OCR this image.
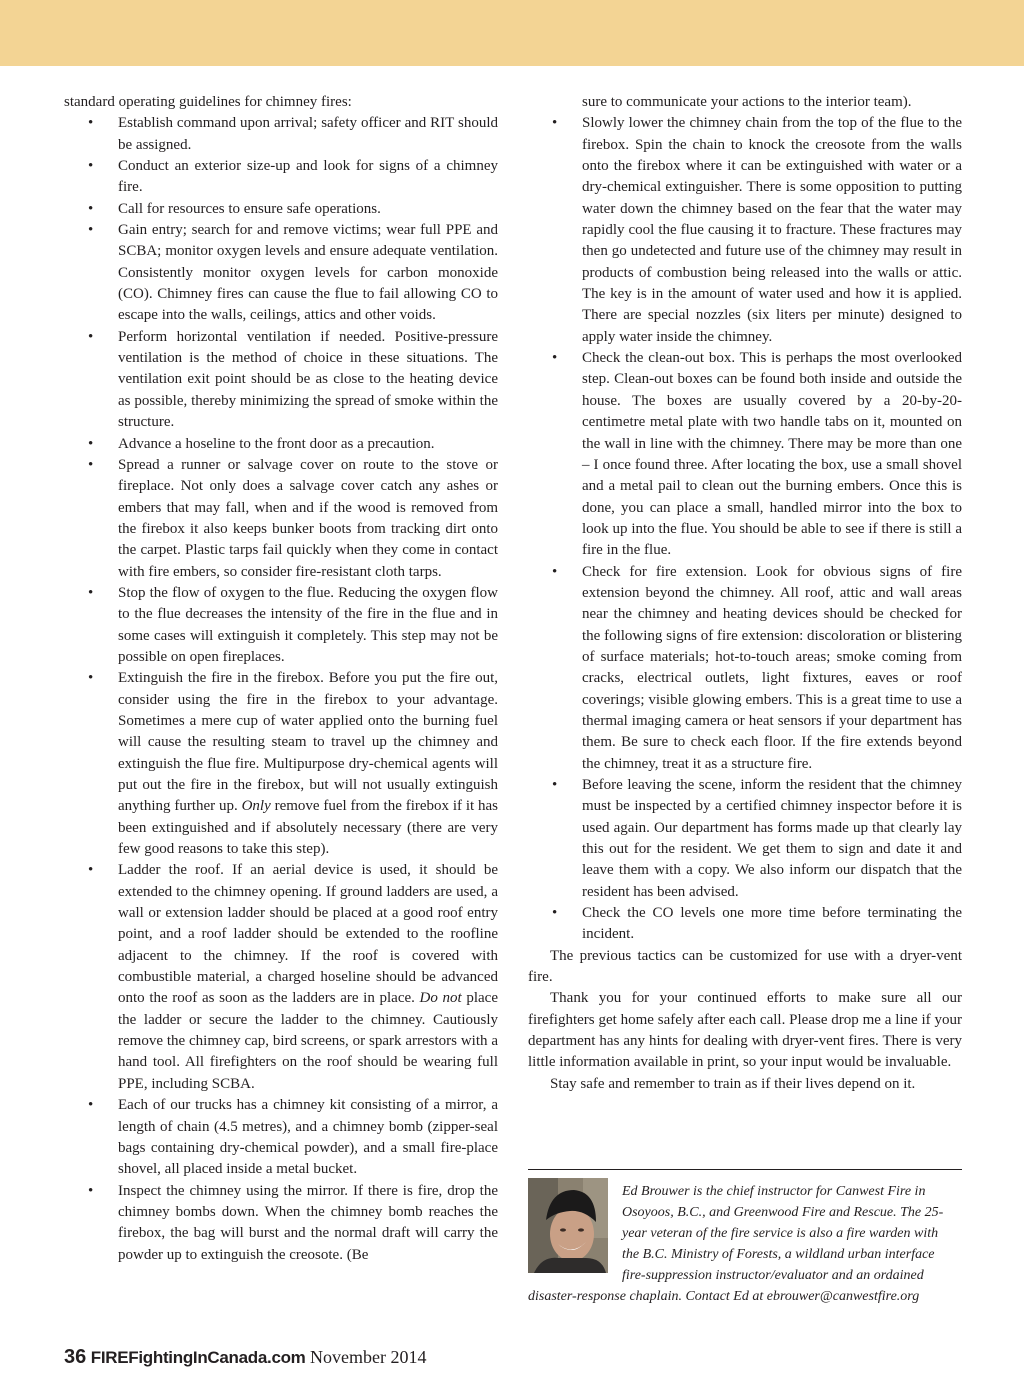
standard operating guidelines for chimney fires:

• Establish command upon arrival; safety officer and RIT should be assigned.
• Conduct an exterior size-up and look for signs of a chimney fire.
• Call for resources to ensure safe operations.
• Gain entry; search for and remove victims; wear full PPE and SCBA; monitor oxygen levels and ensure adequate ventilation. Consistently monitor oxygen levels for carbon monoxide (CO). Chimney fires can cause the flue to fail allowing CO to escape into the walls, ceilings, attics and other voids.
• Perform horizontal ventilation if needed. Positive-pressure ventilation is the method of choice in these situations. The ventilation exit point should be as close to the heating device as possible, thereby minimizing the spread of smoke within the structure.
• Advance a hoseline to the front door as a precaution.
• Spread a runner or salvage cover on route to the stove or fireplace. Not only does a salvage cover catch any ashes or embers that may fall, when and if the wood is removed from the firebox it also keeps bunker boots from tracking dirt onto the carpet. Plastic tarps fail quickly when they come in contact with fire embers, so consider fire-resistant cloth tarps.
• Stop the flow of oxygen to the flue. Reducing the oxygen flow to the flue decreases the intensity of the fire in the flue and in some cases will extinguish it completely. This step may not be possible on open fireplaces.
• Extinguish the fire in the firebox. Before you put the fire out, consider using the fire in the firebox to your advantage. Sometimes a mere cup of water applied onto the burning fuel will cause the resulting steam to travel up the chimney and extinguish the flue fire. Multipurpose dry-chemical agents will put out the fire in the firebox, but will not usually extinguish anything further up. Only remove fuel from the firebox if it has been extinguished and if absolutely necessary (there are very few good reasons to take this step).
• Ladder the roof. If an aerial device is used, it should be extended to the chimney opening. If ground ladders are used, a wall or extension ladder should be placed at a good roof entry point, and a roof ladder should be extended to the roofline adjacent to the chimney. If the roof is covered with combustible material, a charged hoseline should be advanced onto the roof as soon as the ladders are in place. Do not place the ladder or secure the ladder to the chimney. Cautiously remove the chimney cap, bird screens, or spark arrestors with a hand tool. All firefighters on the roof should be wearing full PPE, including SCBA.
• Each of our trucks has a chimney kit consisting of a mirror, a length of chain (4.5 metres), and a chimney bomb (zipper-seal bags containing dry-chemical powder), and a small fire-place shovel, all placed inside a metal bucket.
• Inspect the chimney using the mirror. If there is fire, drop the chimney bombs down. When the chimney bomb reaches the firebox, the bag will burst and the normal draft will carry the powder up to extinguish the creosote. (Be

sure to communicate your actions to the interior team).

• Slowly lower the chimney chain from the top of the flue to the firebox. Spin the chain to knock the creosote from the walls onto the firebox where it can be extinguished with water or a dry-chemical extinguisher. There is some opposition to putting water down the chimney based on the fear that the water may rapidly cool the flue causing it to fracture. These fractures may then go undetected and future use of the chimney may result in products of combustion being released into the walls or attic. The key is in the amount of water used and how it is applied. There are special nozzles (six liters per minute) designed to apply water inside the chimney.
• Check the clean-out box. This is perhaps the most overlooked step. Clean-out boxes can be found both inside and outside the house. The boxes are usually covered by a 20-by-20-centimetre metal plate with two handle tabs on it, mounted on the wall in line with the chimney. There may be more than one – I once found three. After locating the box, use a small shovel and a metal pail to clean out the burning embers. Once this is done, you can place a small, handled mirror into the box to look up into the flue. You should be able to see if there is still a fire in the flue.
• Check for fire extension. Look for obvious signs of fire extension beyond the chimney. All roof, attic and wall areas near the chimney and heating devices should be checked for the following signs of fire extension: discoloration or blistering of surface materials; hot-to-touch areas; smoke coming from cracks, electrical outlets, light fixtures, eaves or roof coverings; visible glowing embers. This is a great time to use a thermal imaging camera or heat sensors if your department has them. Be sure to check each floor. If the fire extends beyond the chimney, treat it as a structure fire.
• Before leaving the scene, inform the resident that the chimney must be inspected by a certified chimney inspector before it is used again. Our department has forms made up that clearly lay this out for the resident. We get them to sign and date it and leave them with a copy. We also inform our dispatch that the resident has been advised.
• Check the CO levels one more time before terminating the incident.

The previous tactics can be customized for use with a dryer-vent fire.

Thank you for your continued efforts to make sure all our firefighters get home safely after each call. Please drop me a line if your department has any hints for dealing with dryer-vent fires. There is very little information available in print, so your input would be invaluable.

Stay safe and remember to train as if their lives depend on it.

Ed Brouwer is the chief instructor for Canwest Fire in Osoyoos, B.C., and Greenwood Fire and Rescue. The 25-year veteran of the fire service is also a fire warden with the B.C. Ministry of Forests, a wildland urban interface fire-suppression instructor/evaluator and an ordained disaster-response chaplain. Contact Ed at ebrouwer@canwestfire.org
36 FIREFightingInCanada.com November 2014
